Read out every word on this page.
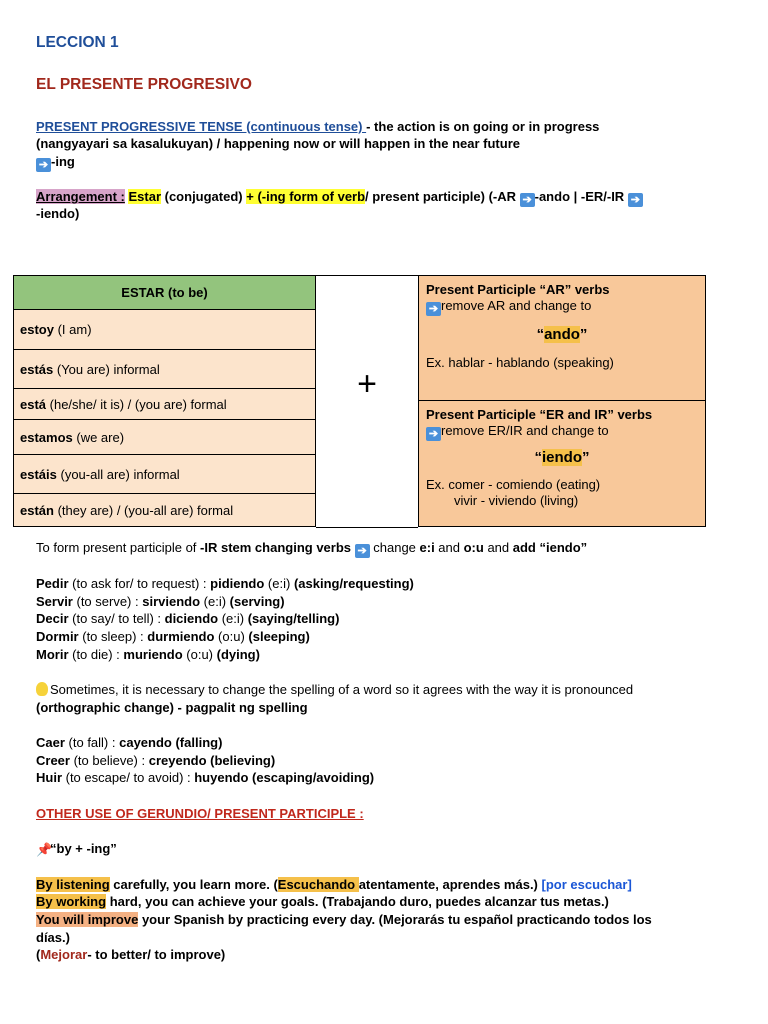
LECCION 1
EL PRESENTE PROGRESIVO
PRESENT PROGRESSIVE TENSE (continuous tense) - the action is on going or in progress
(nangyayari sa kasalukuyan) / happening now or will happen in the near future
➔ -ing
Arrangement : Estar (conjugated) + (-ing form of verb/ present participle) (-AR ➔ -ando | -ER/-IR ➔
-iendo)
ESTAR (to be)
estoy (I am)
estás (You are) informal
está (he/she/ it is) / (you are) formal
estamos (we are)
estáis (you-all are) informal
están (they are) / (you-all are) formal
+
Present Participle “AR” verbs
➔ remove AR and change to
“ando”
Ex. hablar - hablando (speaking)
Present Participle “ER and IR” verbs
➔ remove ER/IR and change to
“iendo”
Ex. comer - comiendo (eating)
vivir - viviendo (living)
To form present participle of -IR stem changing verbs ➔ change e:i and o:u and add “iendo”
Pedir (to ask for/ to request) : pidiendo (e:i) (asking/requesting)
Servir (to serve) : sirviendo (e:i) (serving)
Decir (to say/ to tell) : diciendo (e:i) (saying/telling)
Dormir (to sleep) : durmiendo (o:u) (sleeping)
Morir (to die) : muriendo (o:u) (dying)
Sometimes, it is necessary to change the spelling of a word so it agrees with the way it is pronounced
(orthographic change) - pagpalit ng spelling
Caer (to fall) : cayendo (falling)
Creer (to believe) : creyendo (believing)
Huir (to escape/ to avoid) : huyendo (escaping/avoiding)
OTHER USE OF GERUNDIO/ PRESENT PARTICIPLE :
📌“by + -ing”
By listening carefully, you learn more. (Escuchando atentamente, aprendes más.) [por escuchar]
By working hard, you can achieve your goals. (Trabajando duro, puedes alcanzar tus metas.)
You will improve your Spanish by practicing every day. (Mejorarás tu español practicando todos los
días.)
(Mejorar- to better/ to improve)
